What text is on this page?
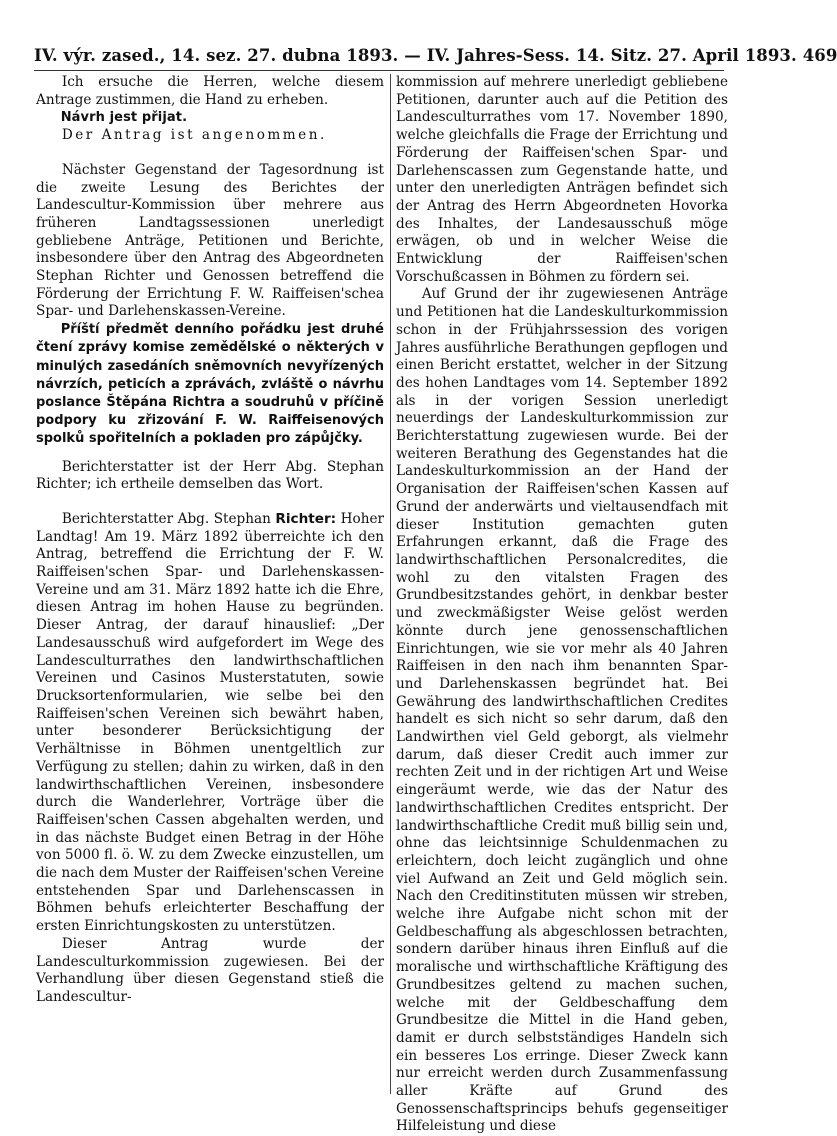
IV. výr. zased., 14. sez. 27. dubna 1893. — IV. Jahres-Sess. 14. Sitz. 27. April 1893. 469

Ich ersuche die Herren, welche diesem Antrage zustimmen, die Hand zu erheben.

Návrh jest přijat.

Der Antrag ist angenommen.

Nächster Gegenstand der Tagesordnung ist die zweite Lesung des Berichtes der Landescultur-Kommission über mehrere aus früheren Landtagssessionen unerledigt gebliebene Anträge, Petitionen und Berichte, insbesondere über den Antrag des Abgeordneten Stephan Richter und Genossen betreffend die Förderung der Errichtung F. W. Raiffeisen'schea Spar- und Darlehenskassen-Vereine.

Příští předmět denního pořádku jest druhé čtení zprávy komise zemědělské o některých v minulých zasedáních sněmovních nevyřízených návrzích, peticích a zprávách, zvláště o návrhu poslance Štěpána Richtra a soudruhů v příčině podpory ku zřizování F. W. Raiffeisenových spolků spořitelních a pokladen pro zápůjčky.

Berichterstatter ist der Herr Abg. Stephan Richter; ich ertheile demselben das Wort.

Berichterstatter Abg. Stephan Richter: Hoher Landtag! Am 19. März 1892 überreichte ich den Antrag, betreffend die Errichtung der F. W. Raiffeisen'schen Spar- und Darlehenskassen-Vereine und am 31. März 1892 hatte ich die Ehre, diesen Antrag im hohen Hause zu begründen. Dieser Antrag, der darauf hinauslief: „Der Landesausschuß wird aufgefordert im Wege des Landesculturrathes den landwirthschaftlichen Vereinen und Casinos Musterstatuten, sowie Drucksortenformularien, wie selbe bei den Raiffeisen'schen Vereinen sich bewährt haben, unter besonderer Berücksichtigung der Verhältnisse in Böhmen unentgeltlich zur Verfügung zu stellen; dahin zu wirken, daß in den landwirthschaftlichen Vereinen, insbesondere durch die Wanderlehrer, Vorträge über die Raiffeisen'schen Cassen abgehalten werden, und in das nächste Budget einen Betrag in der Höhe von 5000 fl. ö. W. zu dem Zwecke einzustellen, um die nach dem Muster der Raiffeisen'schen Vereine entstehenden Spar und Darlehenscassen in Böhmen behufs erleichterter Beschaffung der ersten Einrichtungskosten zu unterstützen.

Dieser Antrag wurde der Landesculturkommission zugewiesen. Bei der Verhandlung über diesen Gegenstand stieß die Landescultur-

kommission auf mehrere unerledigt gebliebene Petitionen, darunter auch auf die Petition des Landesculturrathes vom 17. November 1890, welche gleichfalls die Frage der Errichtung und Förderung der Raiffeisen'schen Spar- und Darlehenscassen zum Gegenstande hatte, und unter den unerledigten Anträgen befindet sich der Antrag des Herrn Abgeordneten Hovorka des Inhaltes, der Landesausschuß möge erwägen, ob und in welcher Weise die Entwicklung der Raiffeisen'schen Vorschußcassen in Böhmen zu fördern sei.

Auf Grund der ihr zugewiesenen Anträge und Petitionen hat die Landeskulturkommission schon in der Frühjahrssession des vorigen Jahres ausführliche Berathungen gepflogen und einen Bericht erstattet, welcher in der Sitzung des hohen Landtages vom 14. September 1892 als in der vorigen Session unerledigt neuerdings der Landeskulturkommission zur Berichterstattung zugewiesen wurde. Bei der weiteren Berathung des Gegenstandes hat die Landeskulturkommission an der Hand der Organisation der Raiffeisen'schen Kassen auf Grund der anderwärts und vieltausendfach mit dieser Institution gemachten guten Erfahrungen erkannt, daß die Frage des landwirthschaftlichen Personalcredites, die wohl zu den vitalsten Fragen des Grundbesitzstandes gehört, in denkbar bester und zweckmäßigster Weise gelöst werden könnte durch jene genossenschaftlichen Einrichtungen, wie sie vor mehr als 40 Jahren Raiffeisen in den nach ihm benannten Spar- und Darlehenskassen begründet hat. Bei Gewährung des landwirthschaftlichen Credites handelt es sich nicht so sehr darum, daß den Landwirthen viel Geld geborgt, als vielmehr darum, daß dieser Credit auch immer zur rechten Zeit und in der richtigen Art und Weise eingeräumt werde, wie das der Natur des landwirthschaftlichen Credites entspricht. Der landwirthschaftliche Credit muß billig sein und, ohne das leichtsinnige Schuldenmachen zu erleichtern, doch leicht zugänglich und ohne viel Aufwand an Zeit und Geld möglich sein. Nach den Creditinstituten müssen wir streben, welche ihre Aufgabe nicht schon mit der Geldbeschaffung als abgeschlossen betrachten, sondern darüber hinaus ihren Einfluß auf die moralische und wirthschaftliche Kräftigung des Grundbesitzes geltend zu machen suchen, welche mit der Geldbeschaffung dem Grundbesitze die Mittel in die Hand geben, damit er durch selbstständiges Handeln sich ein besseres Los erringe. Dieser Zweck kann nur erreicht werden durch Zusammenfassung aller Kräfte auf Grund des Genossenschaftsprincips behufs gegenseitiger Hilfeleistung und diese
